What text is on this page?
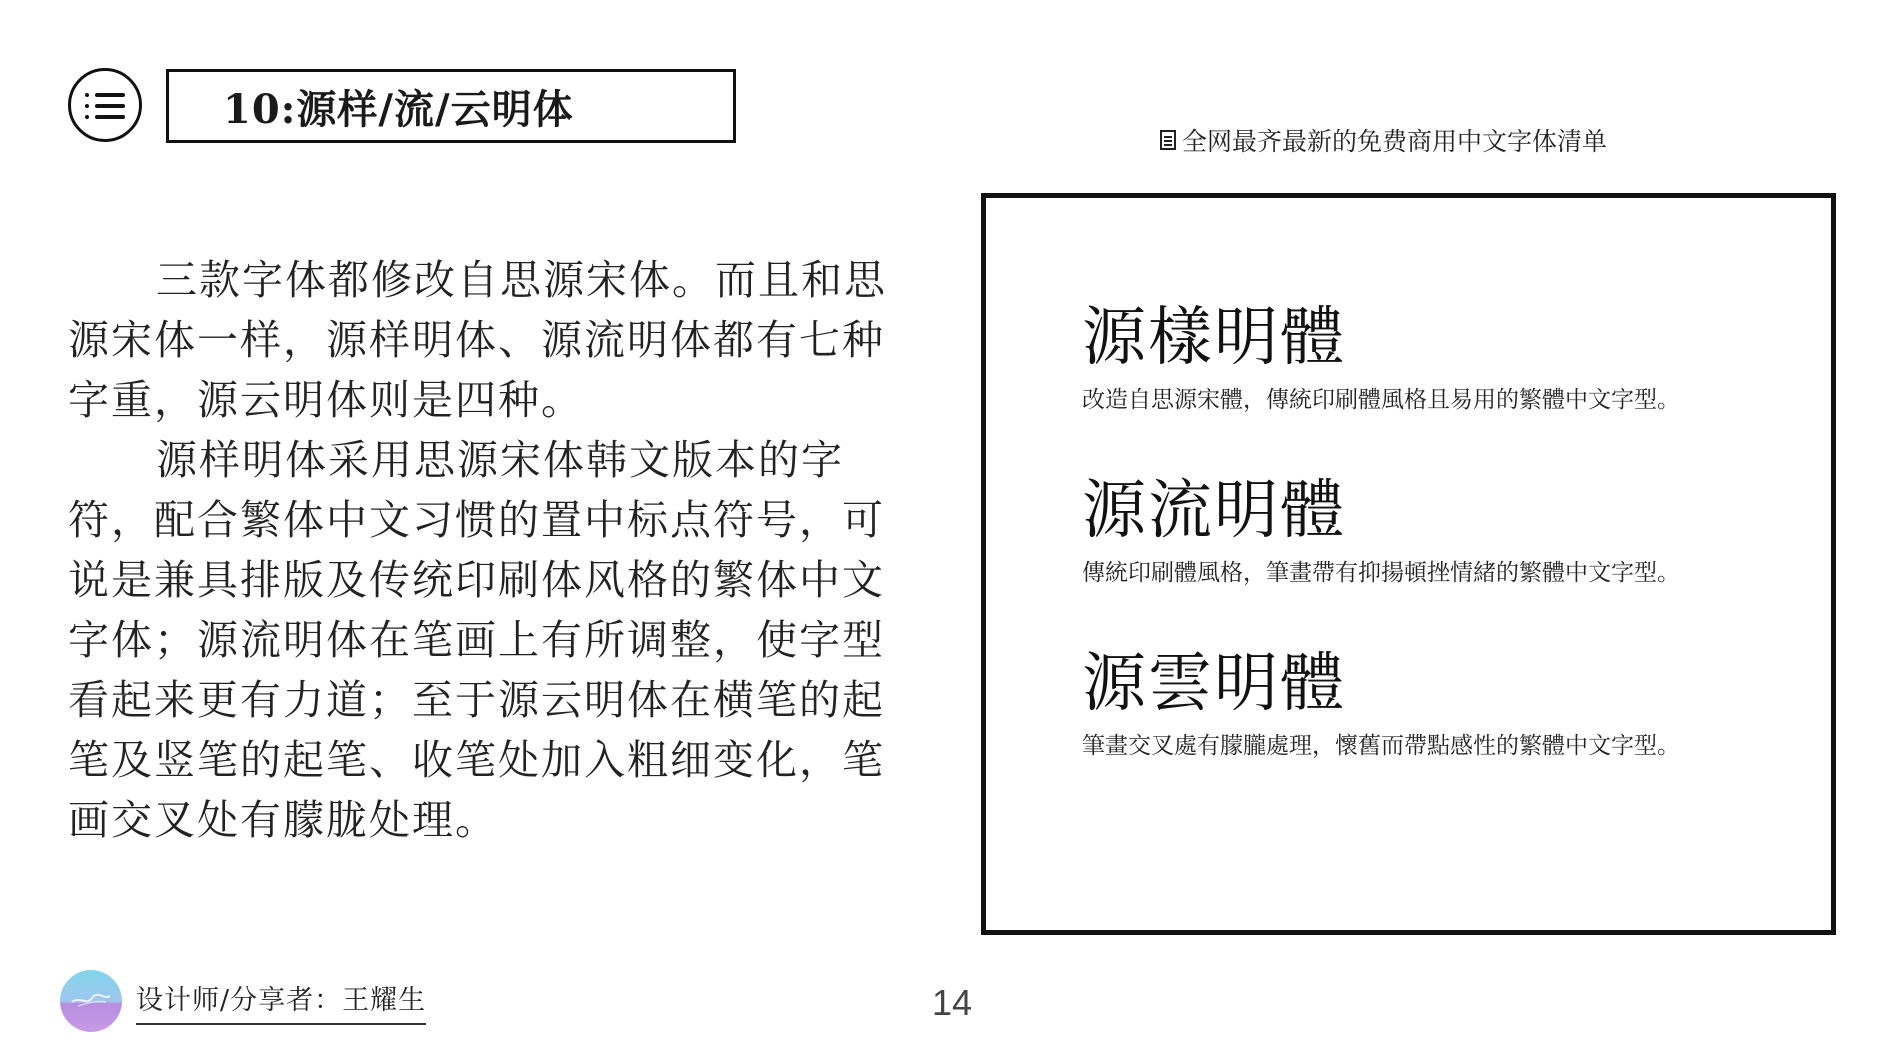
10:源样/流/云明体
全网最齐最新的免费商用中文字体清单

三款字体都修改自思源宋体。而且和思源宋体一样，源样明体、源流明体都有七种字重，源云明体则是四种。

源样明体采用思源宋体韩文版本的字符，配合繁体中文习惯的置中标点符号，可说是兼具排版及传统印刷体风格的繁体中文字体；源流明体在笔画上有所调整，使字型看起来更有力道；至于源云明体在横笔的起笔及竖笔的起笔、收笔处加入粗细变化，笔画交叉处有朦胧处理。

源樣明體
改造自思源宋體，傳統印刷體風格且易用的繁體中文字型。
源流明體
傳統印刷體風格，筆畫帶有抑揚頓挫情緒的繁體中文字型。
源雲明體
筆畫交叉處有朦朧處理，懷舊而帶點感性的繁體中文字型。
设计师/分享者：王耀生	14
